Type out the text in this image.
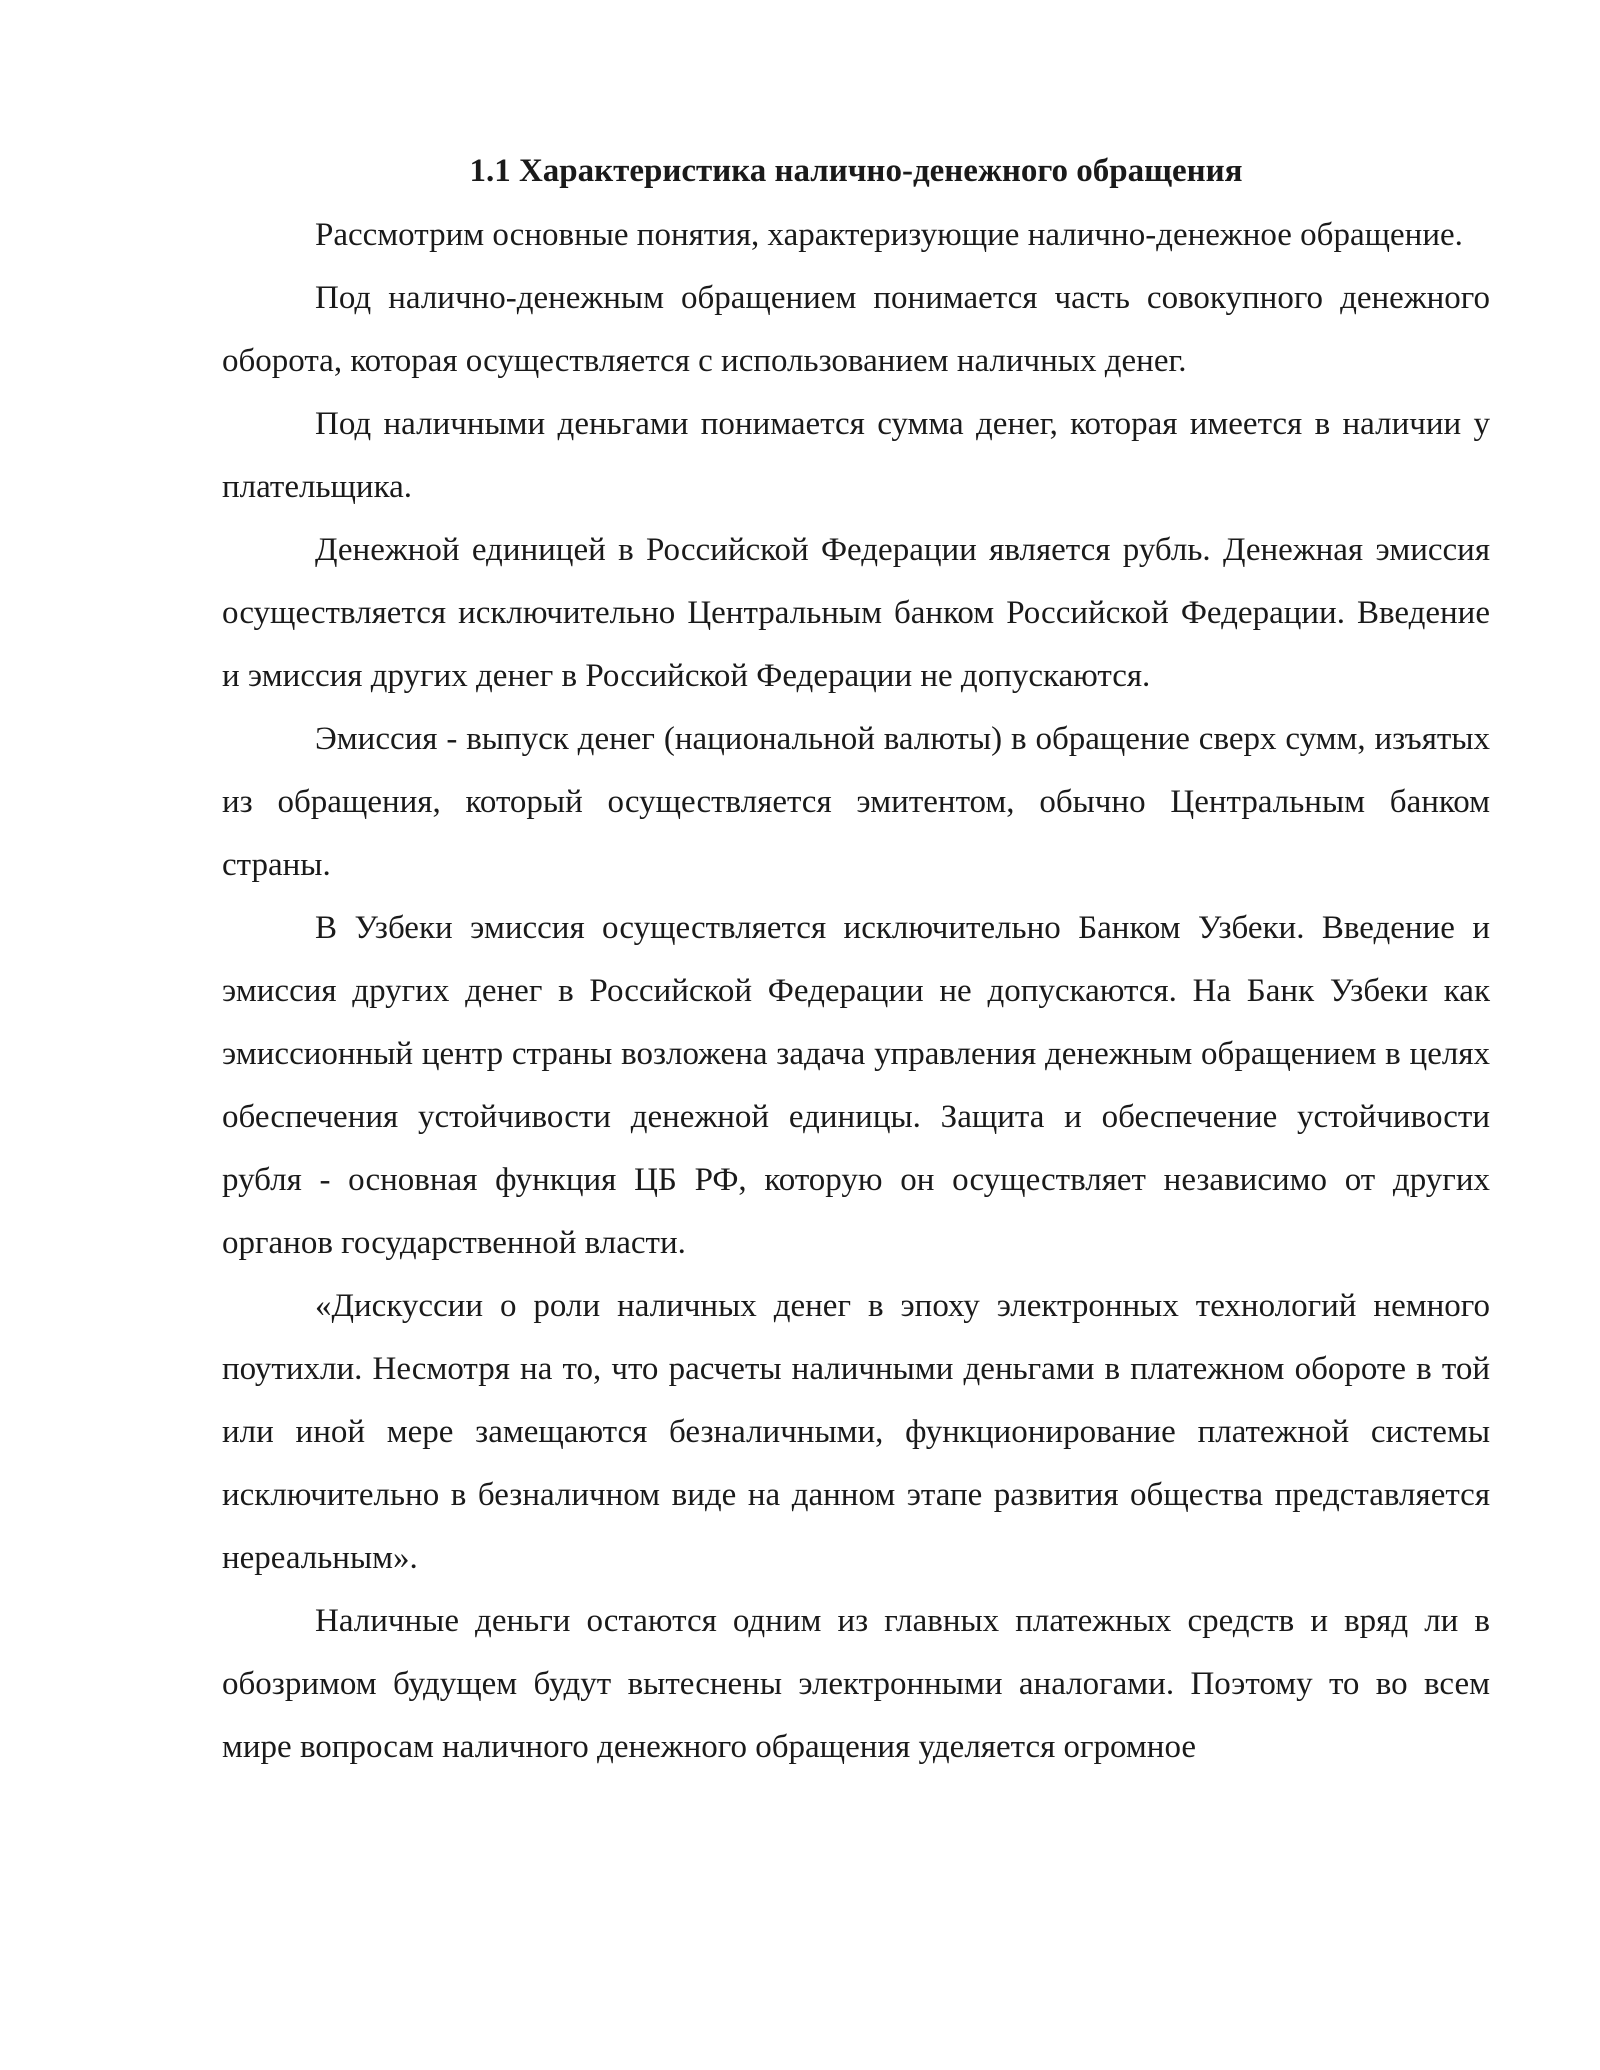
1.1 Характеристика налично-денежного обращения

Рассмотрим основные понятия, характеризующие налично-денежное обращение.

Под налично-денежным обращением понимается часть совокупного денежного оборота, которая осуществляется с использованием наличных денег.

Под наличными деньгами понимается сумма денег, которая имеется в наличии у плательщика.

Денежной единицей в Российской Федерации является рубль. Денежная эмиссия осуществляется исключительно Центральным банком Российской Федерации. Введение и эмиссия других денег в Российской Федерации не допускаются.

Эмиссия - выпуск денег (национальной валюты) в обращение сверх сумм, изъятых из обращения, который осуществляется эмитентом, обычно Центральным банком страны.

В Узбеки эмиссия осуществляется исключительно Банком Узбеки. Введение и эмиссия других денег в Российской Федерации не допускаются. На Банк Узбеки как эмиссионный центр страны возложена задача управления денежным обращением в целях обеспечения устойчивости денежной единицы. Защита и обеспечение устойчивости рубля - основная функция ЦБ РФ, которую он осуществляет независимо от других органов государственной власти.

«Дискуссии о роли наличных денег в эпоху электронных технологий немного поутихли. Несмотря на то, что расчеты наличными деньгами в платежном обороте в той или иной мере замещаются безналичными, функционирование платежной системы исключительно в безналичном виде на данном этапе развития общества представляется нереальным».

Наличные деньги остаются одним из главных платежных средств и вряд ли в обозримом будущем будут вытеснены электронными аналогами. Поэтому то во всем мире вопросам наличного денежного обращения уделяется огромное
